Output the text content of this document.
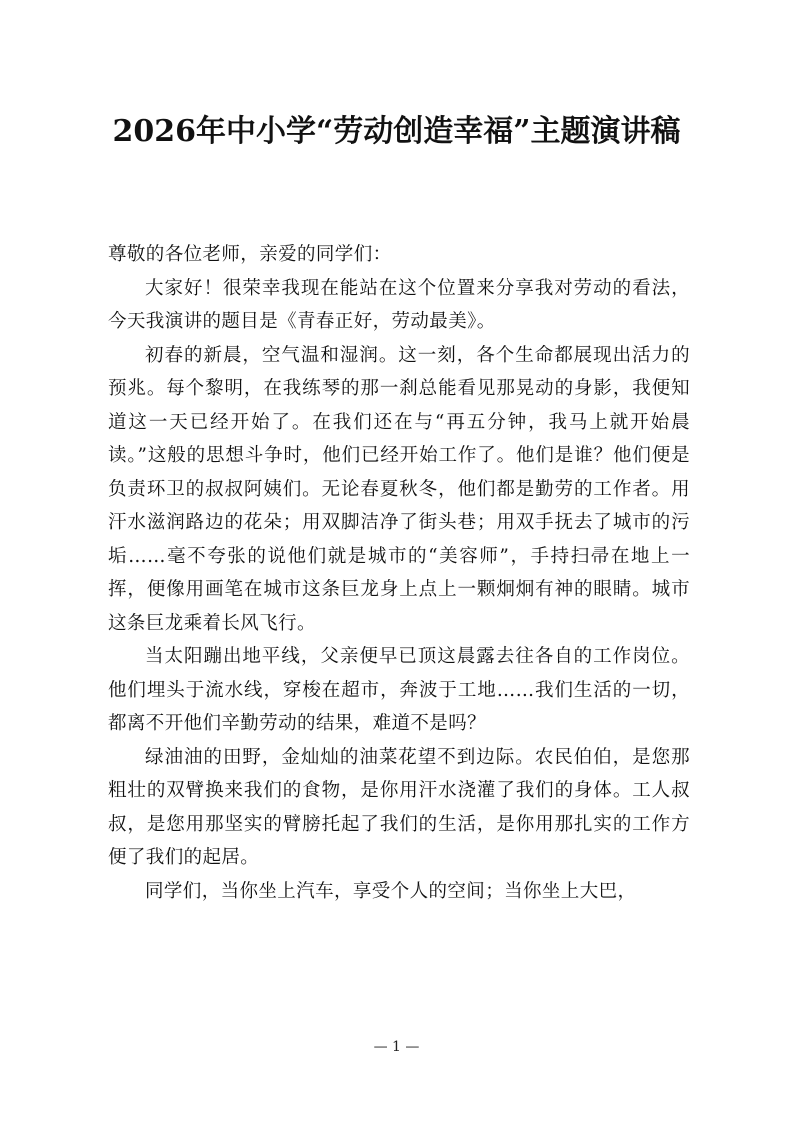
2026年中小学“劳动创造幸福”主题演讲稿

尊敬的各位老师，亲爱的同学们：

大家好！很荣幸我现在能站在这个位置来分享我对劳动的看法，今天我演讲的题目是《青春正好，劳动最美》。

初春的新晨，空气温和湿润。这一刻，各个生命都展现出活力的预兆。每个黎明，在我练琴的那一刹总能看见那晃动的身影，我便知道这一天已经开始了。在我们还在与“再五分钟，我马上就开始晨读。”这般的思想斗争时，他们已经开始工作了。他们是谁？他们便是负责环卫的叔叔阿姨们。无论春夏秋冬，他们都是勤劳的工作者。用汗水滋润路边的花朵；用双脚洁净了街头巷；用双手抚去了城市的污垢……毫不夸张的说他们就是城市的“美容师”，手持扫帚在地上一挥，便像用画笔在城市这条巨龙身上点上一颗炯炯有神的眼睛。城市这条巨龙乘着长风飞行。

当太阳蹦出地平线，父亲便早已顶这晨露去往各自的工作岗位。他们埋头于流水线，穿梭在超市，奔波于工地……我们生活的一切，都离不开他们辛勤劳动的结果，难道不是吗？

绿油油的田野，金灿灿的油菜花望不到边际。农民伯伯，是您那粗壮的双臂换来我们的食物，是你用汗水浇灌了我们的身体。工人叔叔，是您用那坚实的臂膀托起了我们的生活，是你用那扎实的工作方便了我们的起居。

同学们，当你坐上汽车，享受个人的空间；当你坐上大巴，

— 1 —
